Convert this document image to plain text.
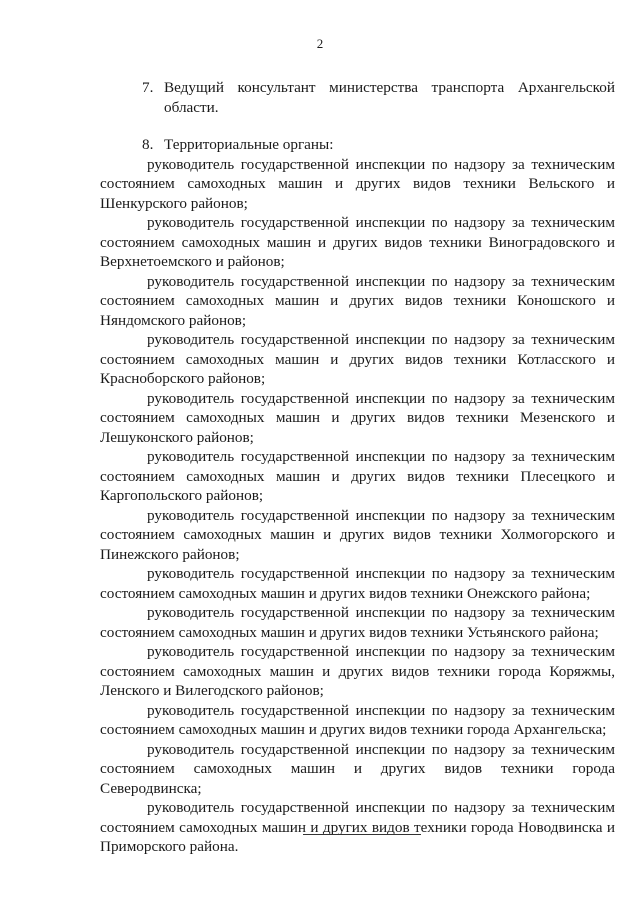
2
7. Ведущий консультант министерства транспорта Архангельской области.
8. Территориальные органы:

руководитель государственной инспекции по надзору за техническим состоянием самоходных машин и других видов техники Вельского и Шенкурского районов;

руководитель государственной инспекции по надзору за техническим состоянием самоходных машин и других видов техники Виноградовского и Верхнетоемского и районов;

руководитель государственной инспекции по надзору за техническим состоянием самоходных машин и других видов техники Коношского и Няндомского районов;

руководитель государственной инспекции по надзору за техническим состоянием самоходных машин и других видов техники Котласского и Красноборского районов;

руководитель государственной инспекции по надзору за техническим состоянием самоходных машин и других видов техники Мезенского и Лешуконского районов;

руководитель государственной инспекции по надзору за техническим состоянием самоходных машин и других видов техники Плесецкого и Каргопольского районов;

руководитель государственной инспекции по надзору за техническим состоянием самоходных машин и других видов техники Холмогорского и Пинежского районов;

руководитель государственной инспекции по надзору за техническим состоянием самоходных машин и других видов техники Онежского района;

руководитель государственной инспекции по надзору за техническим состоянием самоходных машин и других видов техники Устьянского района;

руководитель государственной инспекции по надзору за техническим состоянием самоходных машин и других видов техники города Коряжмы, Ленского и Вилегодского районов;

руководитель государственной инспекции по надзору за техническим состоянием самоходных машин и других видов техники города Архангельска;

руководитель государственной инспекции по надзору за техническим состоянием самоходных машин и других видов техники города Северодвинска;

руководитель государственной инспекции по надзору за техническим состоянием самоходных машин и других видов техники города Новодвинска и Приморского района.
